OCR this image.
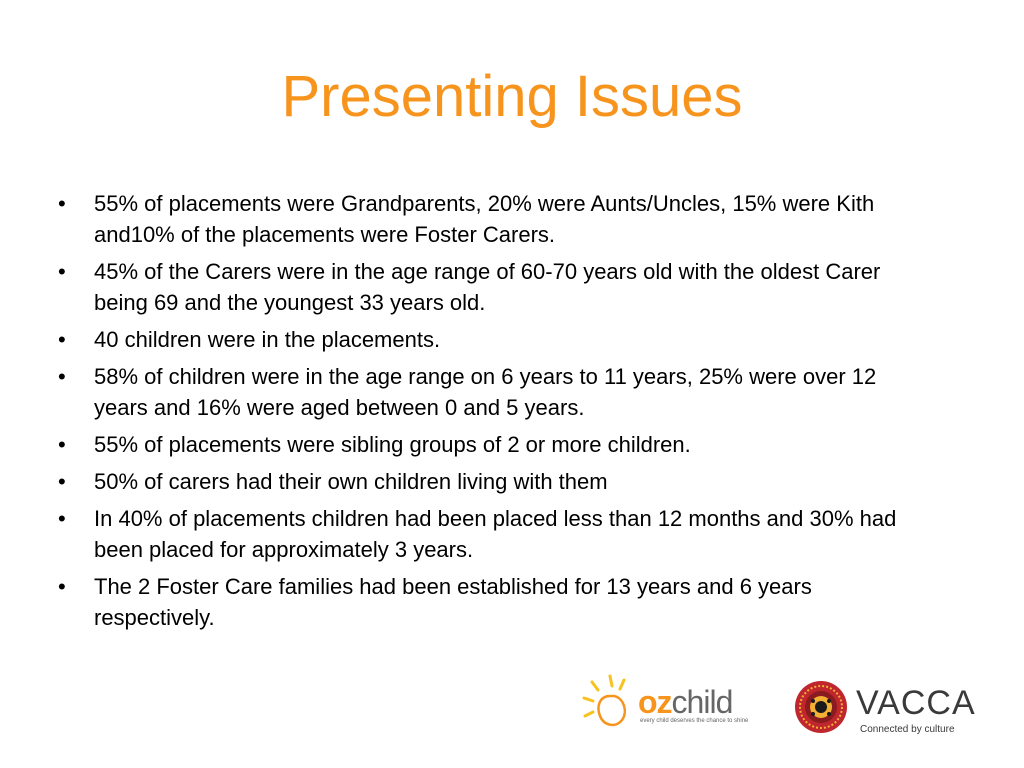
Presenting Issues
•	55% of placements were Grandparents, 20% were Aunts/Uncles, 15% were Kith and10% of the placements were Foster Carers.
•	45% of the Carers were in the age range of 60-70 years old with the oldest Carer being 69 and the youngest 33 years old.
•	40 children were in the placements.
•	58% of children were in the age range on 6 years to 11 years, 25% were over 12 years and 16% were aged between 0 and 5 years.
•	55% of placements were sibling groups of 2 or more children.
•	50% of carers had their own children living with them
•	In 40% of placements children had been placed less than 12 months and 30% had been placed for approximately 3 years.
•	The 2 Foster Care families had been established for 13 years and 6 years respectively.
ozchild
every child deserves the chance to shine	VACCA
Connected by culture
